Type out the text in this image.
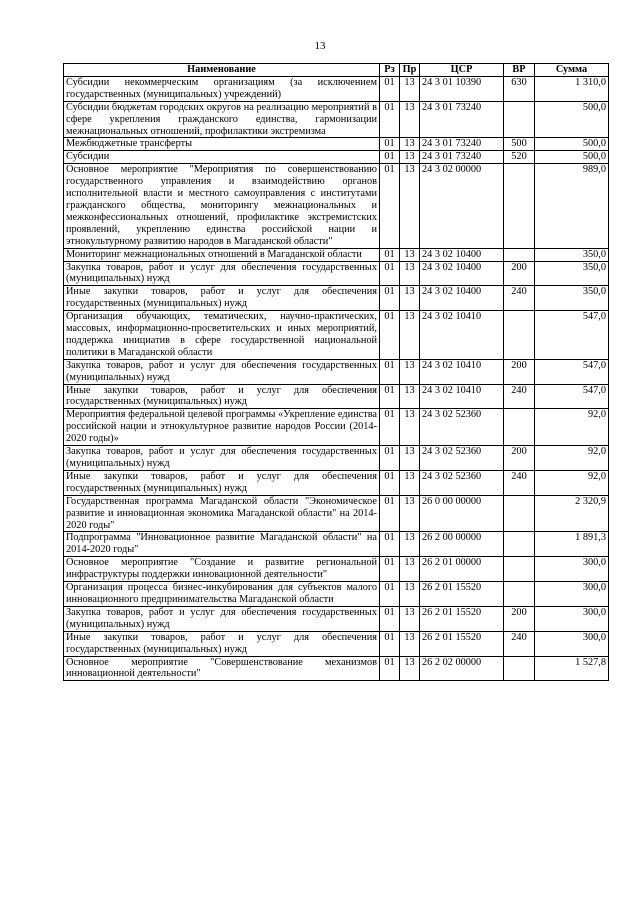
13
Наименование	Рз	Пр	ЦСР	ВР	Сумма
Субсидии некоммерческим организациям (за исключением государственных (муниципальных) учреждений)	01	13	24 3 01 10390	630	1 310,0
Субсидии бюджетам городских округов на реализацию мероприятий в сфере укрепления гражданского единства, гармонизации межнациональных отношений, профилактики экстремизма	01	13	24 3 01 73240		500,0
Межбюджетные трансферты	01	13	24 3 01 73240	500	500,0
Субсидии	01	13	24 3 01 73240	520	500,0
Основное мероприятие "Мероприятия по совершенствованию государственного управления и взаимодействию органов исполнительной власти и местного самоуправления с институтами гражданского общества, мониторингу межнациональных и межконфессиональных отношений, профилактике экстремистских проявлений, укреплению единства российской нации и этнокультурному развитию народов в Магаданской области"	01	13	24 3 02 00000		989,0
Мониторинг межнациональных отношений в Магаданской области	01	13	24 3 02 10400		350,0
Закупка товаров, работ и услуг для обеспечения государственных (муниципальных) нужд	01	13	24 3 02 10400	200	350,0
Иные закупки товаров, работ и услуг для обеспечения государственных (муниципальных) нужд	01	13	24 3 02 10400	240	350,0
Организация обучающих, тематических, научно-практических, массовых, информационно-просветительских и иных мероприятий, поддержка инициатив в сфере государственной национальной политики в Магаданской области	01	13	24 3 02 10410		547,0
Закупка товаров, работ и услуг для обеспечения государственных (муниципальных) нужд	01	13	24 3 02 10410	200	547,0
Иные закупки товаров, работ и услуг для обеспечения государственных (муниципальных) нужд	01	13	24 3 02 10410	240	547,0
Мероприятия федеральной целевой программы «Укрепление единства российской нации и этнокультурное развитие народов России (2014-2020 годы)»	01	13	24 3 02 52360		92,0
Закупка товаров, работ и услуг для обеспечения государственных (муниципальных) нужд	01	13	24 3 02 52360	200	92,0
Иные закупки товаров, работ и услуг для обеспечения государственных (муниципальных) нужд	01	13	24 3 02 52360	240	92,0
Государственная программа Магаданской области "Экономическое развитие и инновационная экономика Магаданской области" на 2014-2020 годы"	01	13	26 0 00 00000		2 320,9
Подпрограмма "Инновационное развитие Магаданской области" на 2014-2020 годы"	01	13	26 2 00 00000		1 891,3
Основное мероприятие "Создание и развитие региональной инфраструктуры поддержки инновационной деятельности"	01	13	26 2 01 00000		300,0
Организация процесса бизнес-инкубирования для субъектов малого инновационного предпринимательства Магаданской области	01	13	26 2 01 15520		300,0
Закупка товаров, работ и услуг для обеспечения государственных (муниципальных) нужд	01	13	26 2 01 15520	200	300,0
Иные закупки товаров, работ и услуг для обеспечения государственных (муниципальных) нужд	01	13	26 2 01 15520	240	300,0
Основное мероприятие "Совершенствование механизмов инновационной деятельности"	01	13	26 2 02 00000		1 527,8
